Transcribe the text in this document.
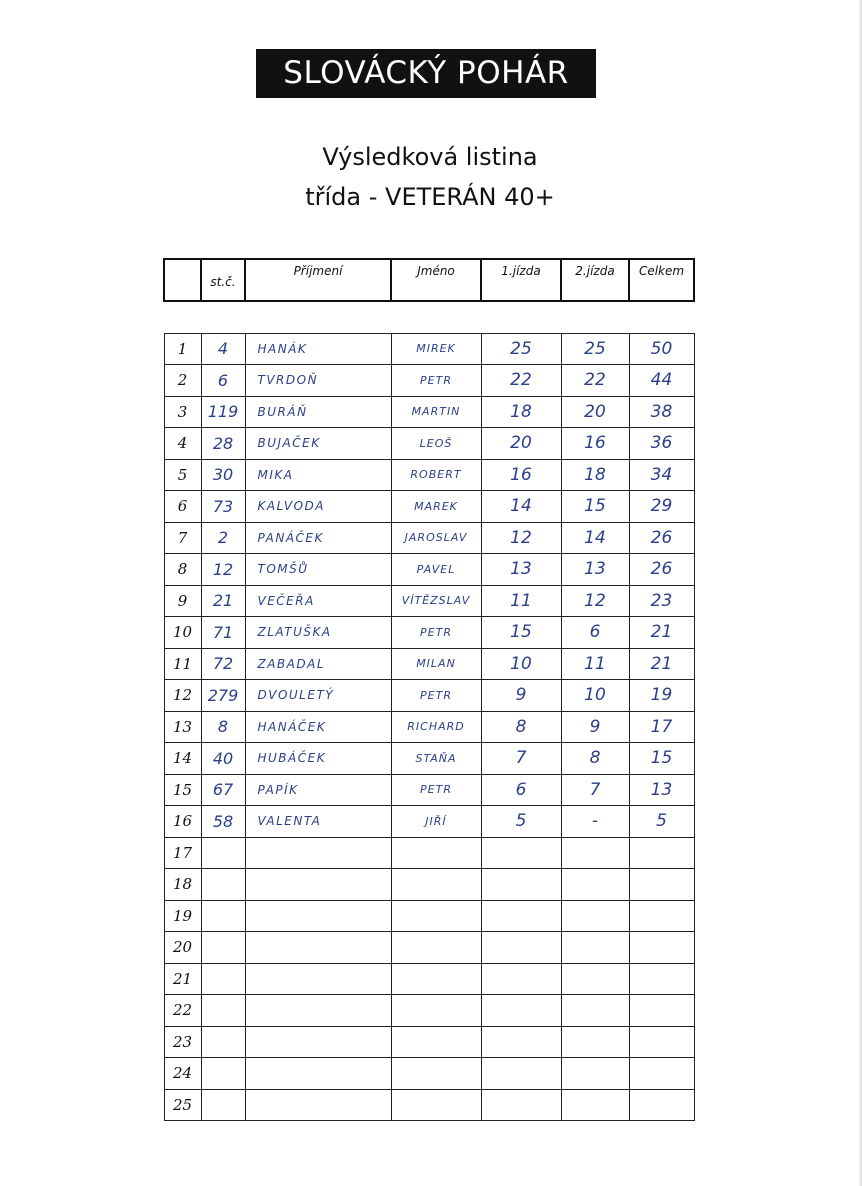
SLOVÁCKÝ POHÁR
Výsledková listina
třída - VETERÁN 40+
	st.č.	Příjmení	Jméno	1.jízda	2.jízda	Celkem

1	4	HANÁK	MIREK	25	25	50
2	6	TVRDOŇ	PETR	22	22	44
3	119	BURÁŇ	MARTIN	18	20	38
4	28	BUJAČEK	LEOŠ	20	16	36
5	30	MIKA	ROBERT	16	18	34
6	73	KALVODA	MAREK	14	15	29
7	2	PANÁČEK	JAROSLAV	12	14	26
8	12	TOMŠŮ	PAVEL	13	13	26
9	21	VEČEŘA	VÍTĚZSLAV	11	12	23
10	71	ZLATUŠKA	PETR	15	6	21
11	72	ZABADAL	MILAN	10	11	21
12	279	DVOULETÝ	PETR	9	10	19
13	8	HANÁČEK	RICHARD	8	9	17
14	40	HUBÁČEK	STAŇA	7	8	15
15	67	PAPÍK	PETR	6	7	13
16	58	VALENTA	JIŘÍ	5	-	5
17						
18						
19						
20						
21						
22						
23						
24						
25						
